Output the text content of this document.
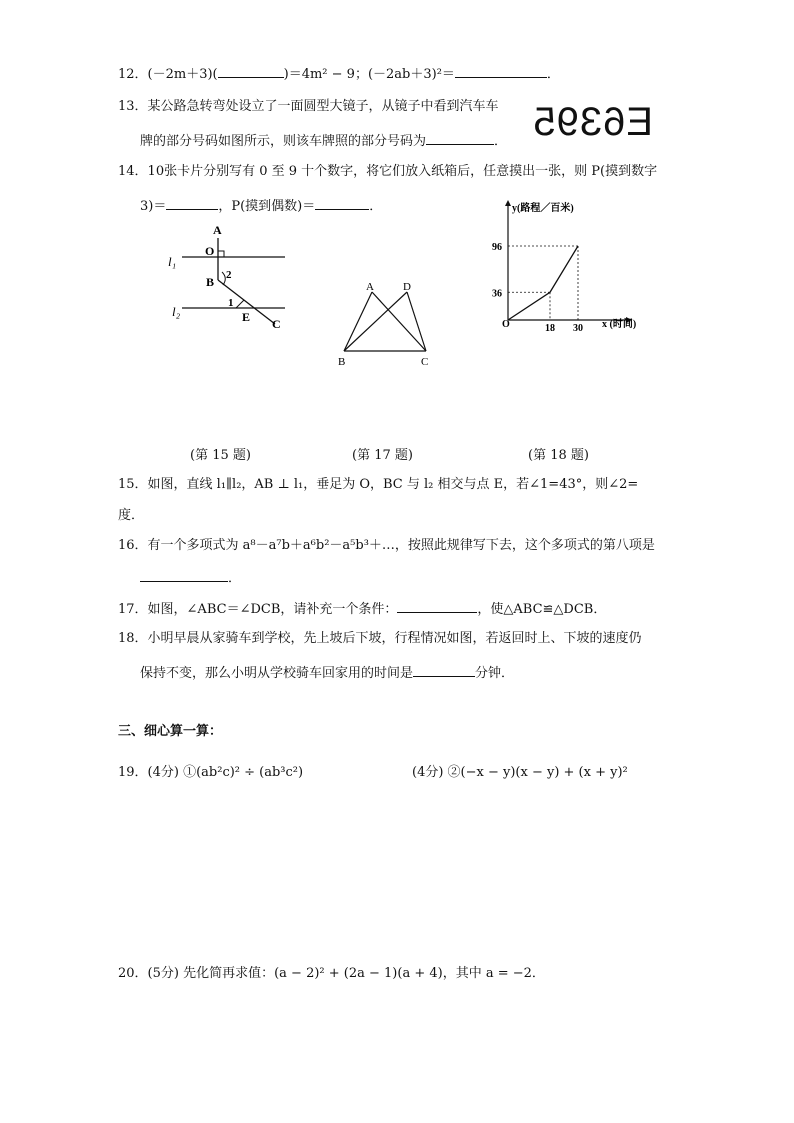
12．(－2m＋3)(	)＝4m² − 9；(－2ab＋3)²＝	．
13．某公路急转弯处设立了一面圆型大镜子，从镜子中看到汽车车
牌的部分号码如图所示，则该车牌照的部分号码为	． E6395
14．10张卡片分别写有 0 至 9 十个数字，将它们放入纸箱后，任意摸出一张，则 P(摸到数字
3)＝	，P(摸到偶数)＝	．
A
O
l₁
B 2
1
l₂	E C
A	D
B	C
y(路程／百米)
x (时间)
O
96
36
18 30
(第 15 题)	(第 17 题)	(第 18 题)
15．如图，直线 l₁∥l₂，AB ⊥ l₁，垂足为 O，BC 与 l₂ 相交与点 E，若∠1=43°，则∠2=
度．
16．有一个多项式为 a⁸－a⁷b＋a⁶b²－a⁵b³＋…，按照此规律写下去，这个多项式的第八项是
．
17．如图，∠ABC＝∠DCB，请补充一个条件：	，使△ABC≌△DCB．
18．小明早晨从家骑车到学校，先上坡后下坡，行程情况如图，若返回时上、下坡的速度仍
保持不变，那么小明从学校骑车回家用的时间是	分钟．
三、细心算一算：
19．(4分) ①(ab²c)² ÷ (ab³c²)	(4分) ②(−x − y)(x − y) + (x + y)²
20．(5分) 先化简再求值：(a − 2)² + (2a − 1)(a + 4)，其中 a = −2．
